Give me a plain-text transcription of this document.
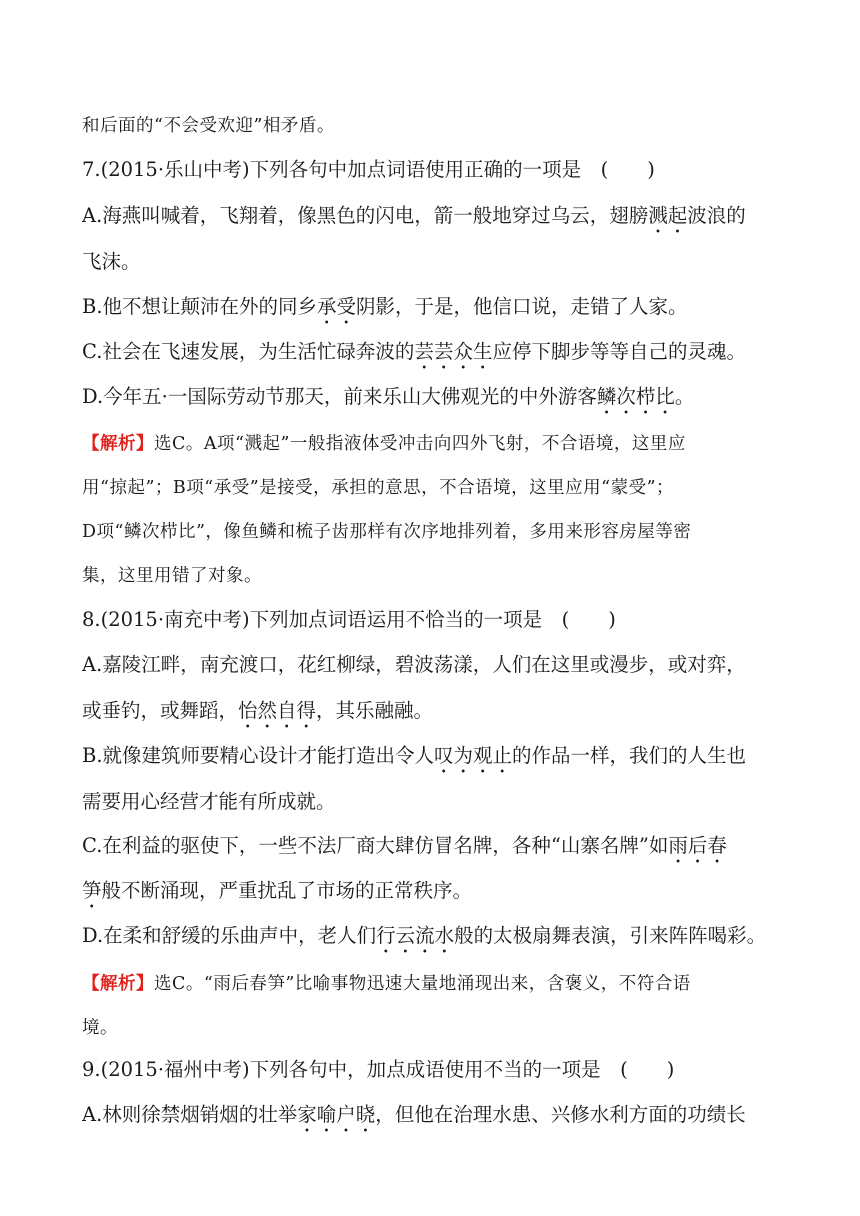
和后面的“不会受欢迎”相矛盾。
7.(2015·乐山中考)下列各句中加点词语使用正确的一项是　(　　)
A.海燕叫喊着，飞翔着，像黑色的闪电，箭一般地穿过乌云，翅膀溅起波浪的
飞沫。
B.他不想让颠沛在外的同乡承受阴影，于是，他信口说，走错了人家。
C.社会在飞速发展，为生活忙碌奔波的芸芸众生应停下脚步等等自己的灵魂。
D.今年五·一国际劳动节那天，前来乐山大佛观光的中外游客鳞次栉比。
【解析】选C。A项“溅起”一般指液体受冲击向四外飞射，不合语境，这里应
用“掠起”；B项“承受”是接受，承担的意思，不合语境，这里应用“蒙受”；
D项“鳞次栉比”，像鱼鳞和梳子齿那样有次序地排列着，多用来形容房屋等密
集，这里用错了对象。
8.(2015·南充中考)下列加点词语运用不恰当的一项是　(　　)
A.嘉陵江畔，南充渡口，花红柳绿，碧波荡漾，人们在这里或漫步，或对弈，
或垂钓，或舞蹈，怡然自得，其乐融融。
B.就像建筑师要精心设计才能打造出令人叹为观止的作品一样，我们的人生也
需要用心经营才能有所成就。
C.在利益的驱使下，一些不法厂商大肆仿冒名牌，各种“山寨名牌”如雨后春
笋般不断涌现，严重扰乱了市场的正常秩序。
D.在柔和舒缓的乐曲声中，老人们行云流水般的太极扇舞表演，引来阵阵喝彩。
【解析】选C。“雨后春笋”比喻事物迅速大量地涌现出来，含褒义，不符合语
境。
9.(2015·福州中考)下列各句中，加点成语使用不当的一项是　(　　)
A.林则徐禁烟销烟的壮举家喻户晓，但他在治理水患、兴修水利方面的功绩长
